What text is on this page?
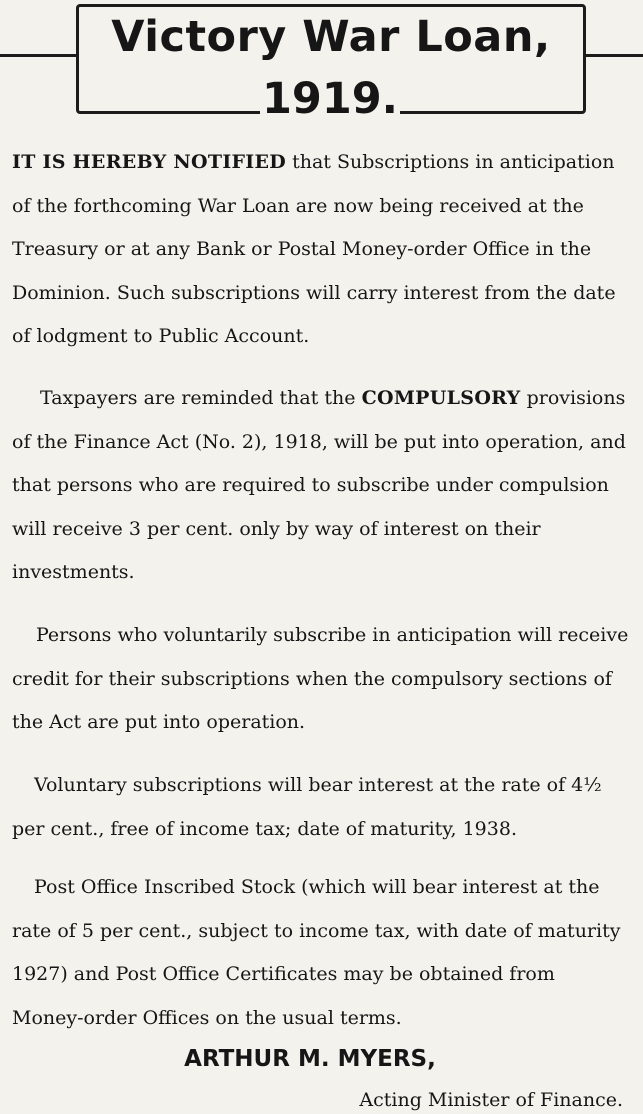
Victory War Loan,
1919.

IT IS HEREBY NOTIFIED that Subscriptions in anticipation of the forthcoming War Loan are now being received at the Treasury or at any Bank or Postal Money-order Office in the Dominion. Such subscriptions will carry interest from the date of lodgment to Public Account.

Taxpayers are reminded that the COMPULSORY provisions of the Finance Act (No. 2), 1918, will be put into operation, and that persons who are required to subscribe under compulsion will receive 3 per cent. only by way of interest on their investments.

Persons who voluntarily subscribe in anticipation will receive credit for their subscriptions when the compulsory sections of the Act are put into operation.

Voluntary subscriptions will bear interest at the rate of 4½ per cent., free of income tax; date of maturity, 1938.

Post Office Inscribed Stock (which will bear interest at the rate of 5 per cent., subject to income tax, with date of maturity 1927) and Post Office Certificates may be obtained from Money-order Offices on the usual terms.

ARTHUR M. MYERS,

Acting Minister of Finance.
